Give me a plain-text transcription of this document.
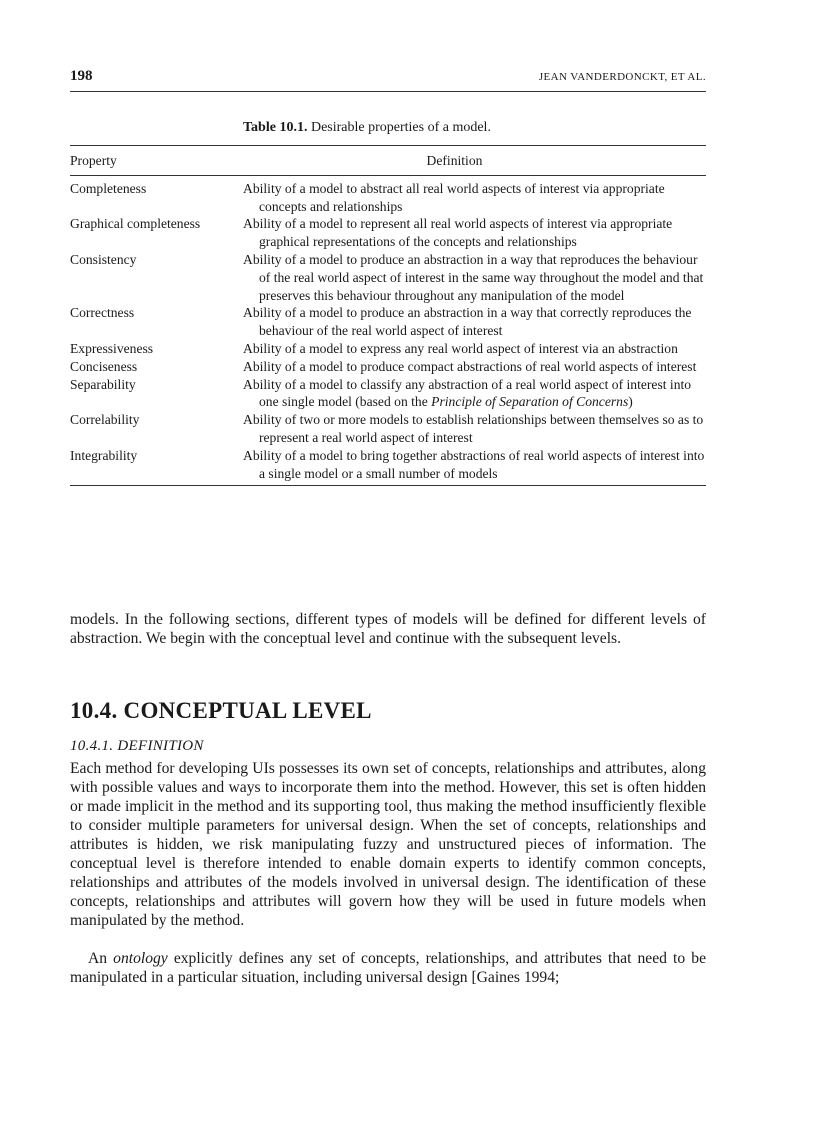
198	JEAN VANDERDONCKT, ET AL.
Table 10.1. Desirable properties of a model.
Property	Definition
Completeness	Ability of a model to abstract all real world aspects of interest via appropriate concepts and relationships
Graphical completeness	Ability of a model to represent all real world aspects of interest via appropriate graphical representations of the concepts and relationships
Consistency	Ability of a model to produce an abstraction in a way that reproduces the behaviour of the real world aspect of interest in the same way throughout the model and that preserves this behaviour throughout any manipulation of the model
Correctness	Ability of a model to produce an abstraction in a way that correctly reproduces the behaviour of the real world aspect of interest
Expressiveness	Ability of a model to express any real world aspect of interest via an abstraction
Conciseness	Ability of a model to produce compact abstractions of real world aspects of interest
Separability	Ability of a model to classify any abstraction of a real world aspect of interest into one single model (based on the Principle of Separation of Concerns)
Correlability	Ability of two or more models to establish relationships between themselves so as to represent a real world aspect of interest
Integrability	Ability of a model to bring together abstractions of real world aspects of interest into a single model or a small number of models

models. In the following sections, different types of models will be defined for different levels of abstraction. We begin with the conceptual level and continue with the subsequent levels.

10.4. CONCEPTUAL LEVEL
10.4.1. DEFINITION

Each method for developing UIs possesses its own set of concepts, relationships and attributes, along with possible values and ways to incorporate them into the method. However, this set is often hidden or made implicit in the method and its supporting tool, thus making the method insufficiently flexible to consider multiple parameters for universal design. When the set of concepts, relationships and attributes is hidden, we risk manipulating fuzzy and unstructured pieces of information. The conceptual level is therefore intended to enable domain experts to identify common concepts, relationships and attributes of the models involved in universal design. The identification of these concepts, relationships and attributes will govern how they will be used in future models when manipulated by the method.

An ontology explicitly defines any set of concepts, relationships, and attributes that need to be manipulated in a particular situation, including universal design [Gaines 1994;
